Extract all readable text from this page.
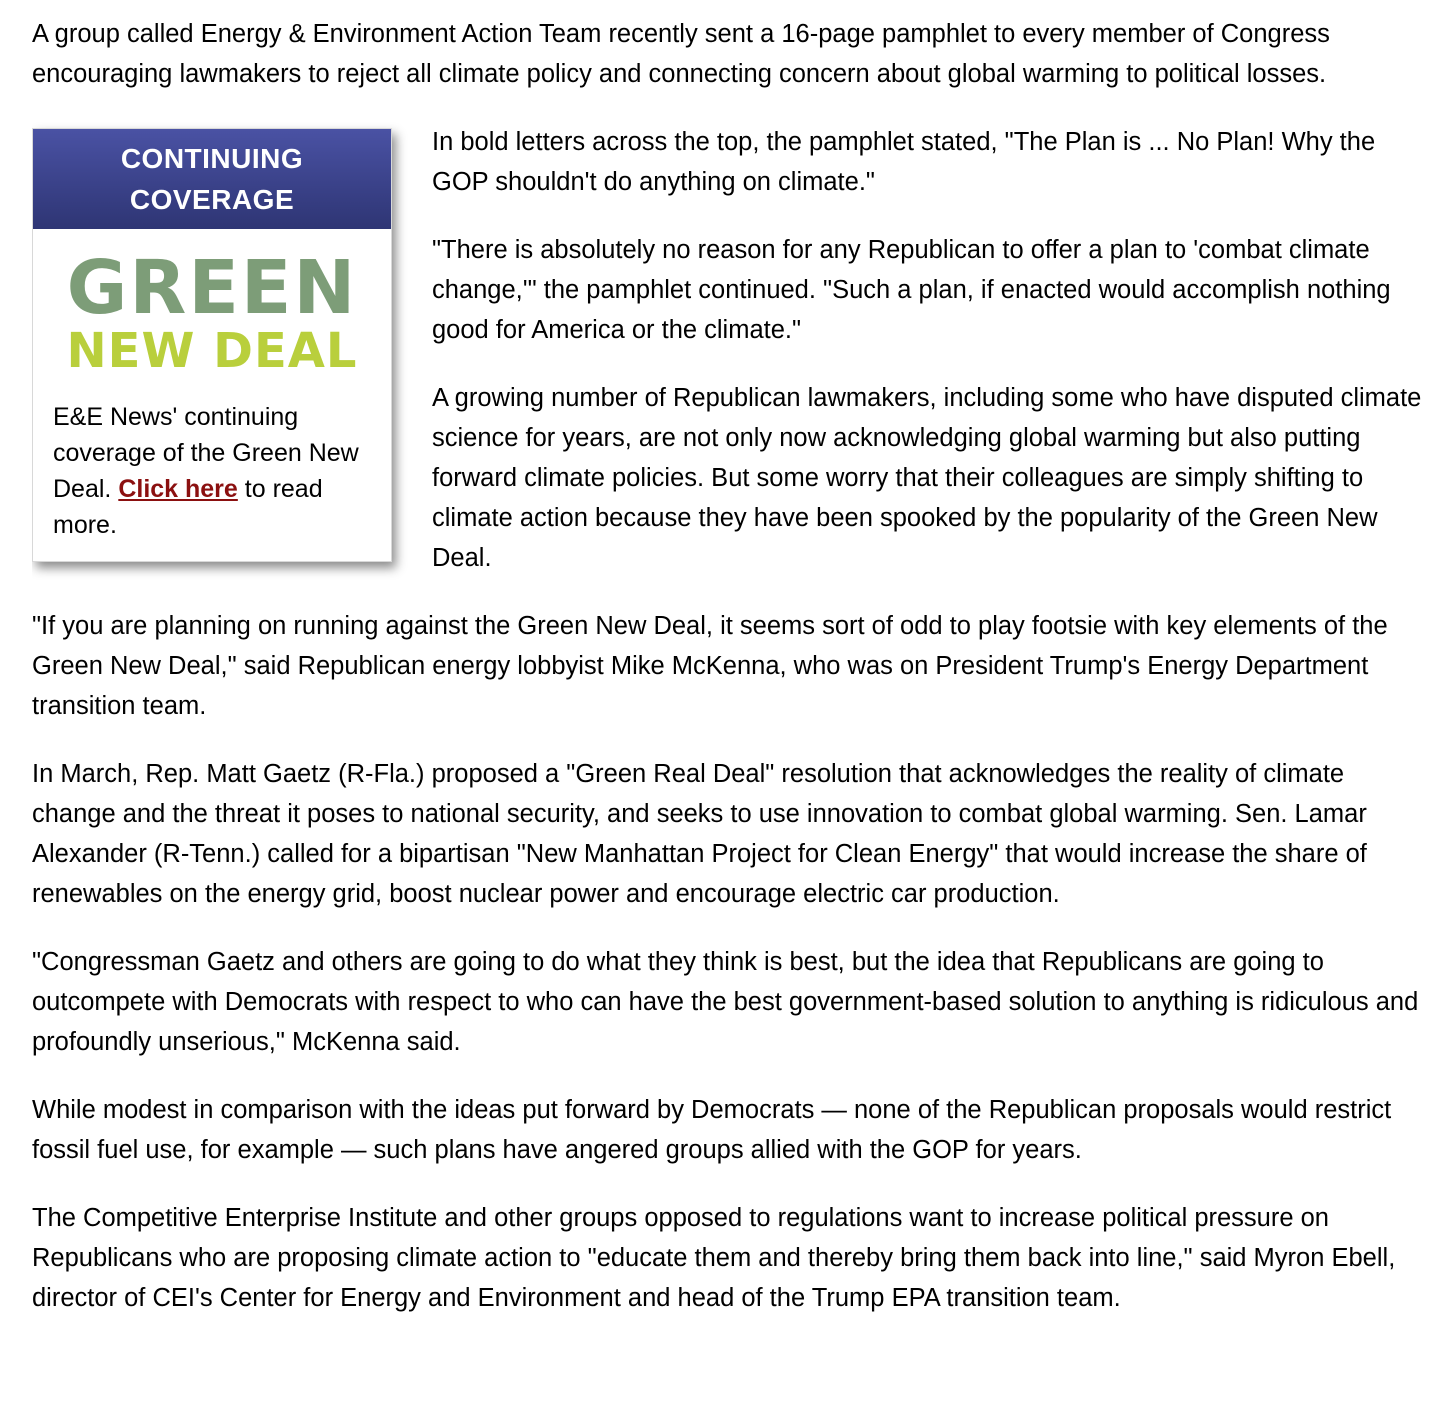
A group called Energy & Environment Action Team recently sent a 16-page pamphlet to every member of Congress encouraging lawmakers to reject all climate policy and connecting concern about global warming to political losses.

CONTINUING
COVERAGE
GREEN
NEW DEAL
E&E News' continuing coverage of the Green New Deal. Click here to read more.

In bold letters across the top, the pamphlet stated, "The Plan is ... No Plan! Why the GOP shouldn't do anything on climate."

"There is absolutely no reason for any Republican to offer a plan to 'combat climate change,'" the pamphlet continued. "Such a plan, if enacted would accomplish nothing good for America or the climate."

A growing number of Republican lawmakers, including some who have disputed climate science for years, are not only now acknowledging global warming but also putting forward climate policies. But some worry that their colleagues are simply shifting to climate action because they have been spooked by the popularity of the Green New Deal.

"If you are planning on running against the Green New Deal, it seems sort of odd to play footsie with key elements of the Green New Deal," said Republican energy lobbyist Mike McKenna, who was on President Trump's Energy Department transition team.

In March, Rep. Matt Gaetz (R-Fla.) proposed a "Green Real Deal" resolution that acknowledges the reality of climate change and the threat it poses to national security, and seeks to use innovation to combat global warming. Sen. Lamar Alexander (R-Tenn.) called for a bipartisan "New Manhattan Project for Clean Energy" that would increase the share of renewables on the energy grid, boost nuclear power and encourage electric car production.

"Congressman Gaetz and others are going to do what they think is best, but the idea that Republicans are going to outcompete with Democrats with respect to who can have the best government-based solution to anything is ridiculous and profoundly unserious," McKenna said.

While modest in comparison with the ideas put forward by Democrats — none of the Republican proposals would restrict fossil fuel use, for example — such plans have angered groups allied with the GOP for years.

The Competitive Enterprise Institute and other groups opposed to regulations want to increase political pressure on Republicans who are proposing climate action to "educate them and thereby bring them back into line," said Myron Ebell, director of CEI's Center for Energy and Environment and head of the Trump EPA transition team.
